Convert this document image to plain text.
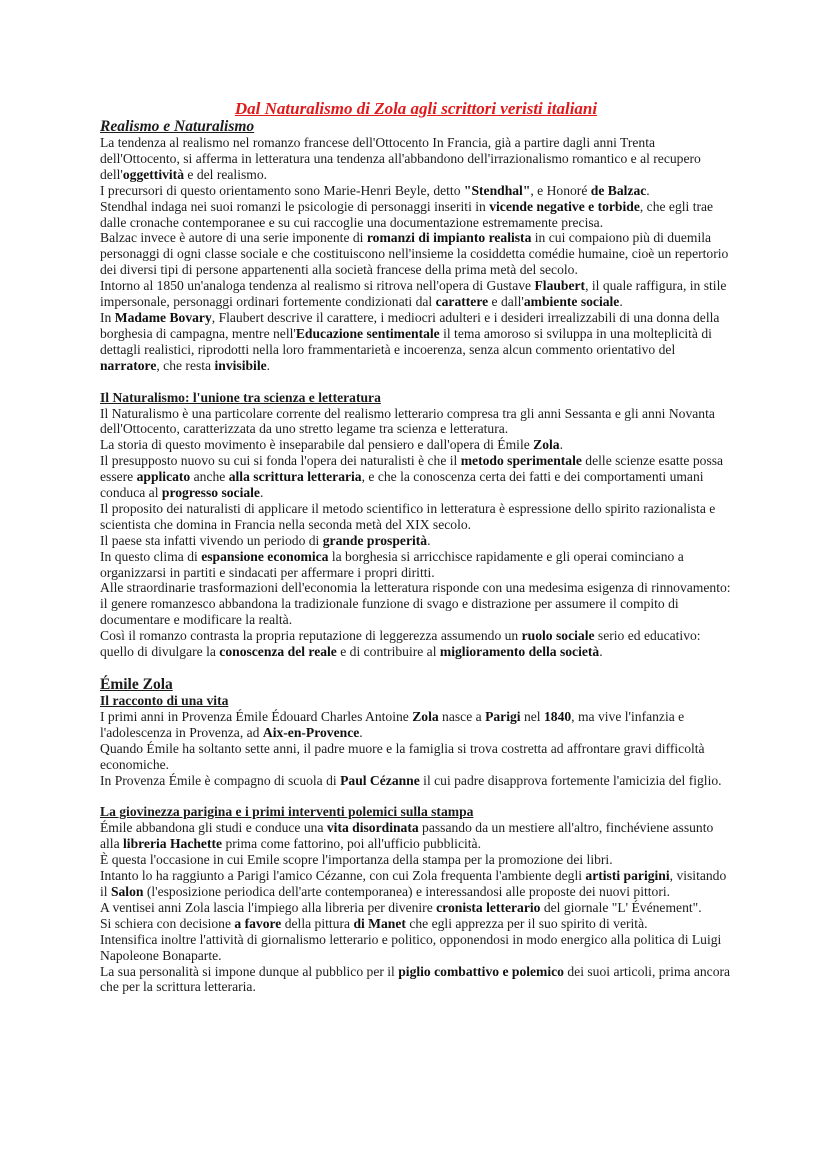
Dal Naturalismo di Zola agli scrittori veristi italiani

Realismo e Naturalismo

La tendenza al realismo nel romanzo francese dell'Ottocento In Francia, già a partire dagli anni Trenta dell'Ottocento, si afferma in letteratura una tendenza all'abbandono dell'irrazionalismo romantico e al recupero dell'oggettività e del realismo.

I precursori di questo orientamento sono Marie-Henri Beyle, detto "Stendhal", e Honoré de Balzac.

Stendhal indaga nei suoi romanzi le psicologie di personaggi inseriti in vicende negative e torbide, che egli trae dalle cronache contemporanee e su cui raccoglie una documentazione estremamente precisa.

Balzac invece è autore di una serie imponente di romanzi di impianto realista in cui compaiono più di duemila personaggi di ogni classe sociale e che costituiscono nell'insieme la cosiddetta comédie humaine, cioè un repertorio dei diversi tipi di persone appartenenti alla società francese della prima metà del secolo.

Intorno al 1850 un'analoga tendenza al realismo si ritrova nell'opera di Gustave Flaubert, il quale raffigura, in stile impersonale, personaggi ordinari fortemente condizionati dal carattere e dall'ambiente sociale.

In Madame Bovary, Flaubert descrive il carattere, i mediocri adulteri e i desideri irrealizzabili di una donna della borghesia di campagna, mentre nell'Educazione sentimentale il tema amoroso si sviluppa in una molteplicità di dettagli realistici, riprodotti nella loro frammentarietà e incoerenza, senza alcun commento orientativo del narratore, che resta invisibile.

Il Naturalismo: l'unione tra scienza e letteratura

Il Naturalismo è una particolare corrente del realismo letterario compresa tra gli anni Sessanta e gli anni Novanta dell'Ottocento, caratterizzata da uno stretto legame tra scienza e letteratura.

La storia di questo movimento è inseparabile dal pensiero e dall'opera di Émile Zola.

Il presupposto nuovo su cui si fonda l'opera dei naturalisti è che il metodo sperimentale delle scienze esatte possa essere applicato anche alla scrittura letteraria, e che la conoscenza certa dei fatti e dei comportamenti umani conduca al progresso sociale.

Il proposito dei naturalisti di applicare il metodo scientifico in letteratura è espressione dello spirito razionalista e scientista che domina in Francia nella seconda metà del XIX secolo.

Il paese sta infatti vivendo un periodo di grande prosperità.

In questo clima di espansione economica la borghesia si arricchisce rapidamente e gli operai cominciano a organizzarsi in partiti e sindacati per affermare i propri diritti.

Alle straordinarie trasformazioni dell'economia la letteratura risponde con una medesima esigenza di rinnovamento: il genere romanzesco abbandona la tradizionale funzione di svago e distrazione per assumere il compito di documentare e modificare la realtà.

Così il romanzo contrasta la propria reputazione di leggerezza assumendo un ruolo sociale serio ed educativo: quello di divulgare la conoscenza del reale e di contribuire al miglioramento della società.

Émile Zola

Il racconto di una vita

I primi anni in Provenza Émile Édouard Charles Antoine Zola nasce a Parigi nel 1840, ma vive l'infanzia e l'adolescenza in Provenza, ad Aix-en-Provence.

Quando Émile ha soltanto sette anni, il padre muore e la famiglia si trova costretta ad affrontare gravi difficoltà economiche.

In Provenza Émile è compagno di scuola di Paul Cézanne il cui padre disapprova fortemente l'amicizia del figlio.

La giovinezza parigina e i primi interventi polemici sulla stampa

Émile abbandona gli studi e conduce una vita disordinata passando da un mestiere all'altro, finchéviene assunto alla libreria Hachette prima come fattorino, poi all'ufficio pubblicità.

È questa l'occasione in cui Emile scopre l'importanza della stampa per la promozione dei libri.

Intanto lo ha raggiunto a Parigi l'amico Cézanne, con cui Zola frequenta l'ambiente degli artisti parigini, visitando il Salon (l'esposizione periodica dell'arte contemporanea) e interessandosi alle proposte dei nuovi pittori.

A ventisei anni Zola lascia l'impiego alla libreria per divenire cronista letterario del giornale "L' Événement".

Si schiera con decisione a favore della pittura di Manet che egli apprezza per il suo spirito di verità.

Intensifica inoltre l'attività di giornalismo letterario e politico, opponendosi in modo energico alla politica di Luigi Napoleone Bonaparte.

La sua personalità si impone dunque al pubblico per il piglio combattivo e polemico dei suoi articoli, prima ancora che per la scrittura letteraria.
